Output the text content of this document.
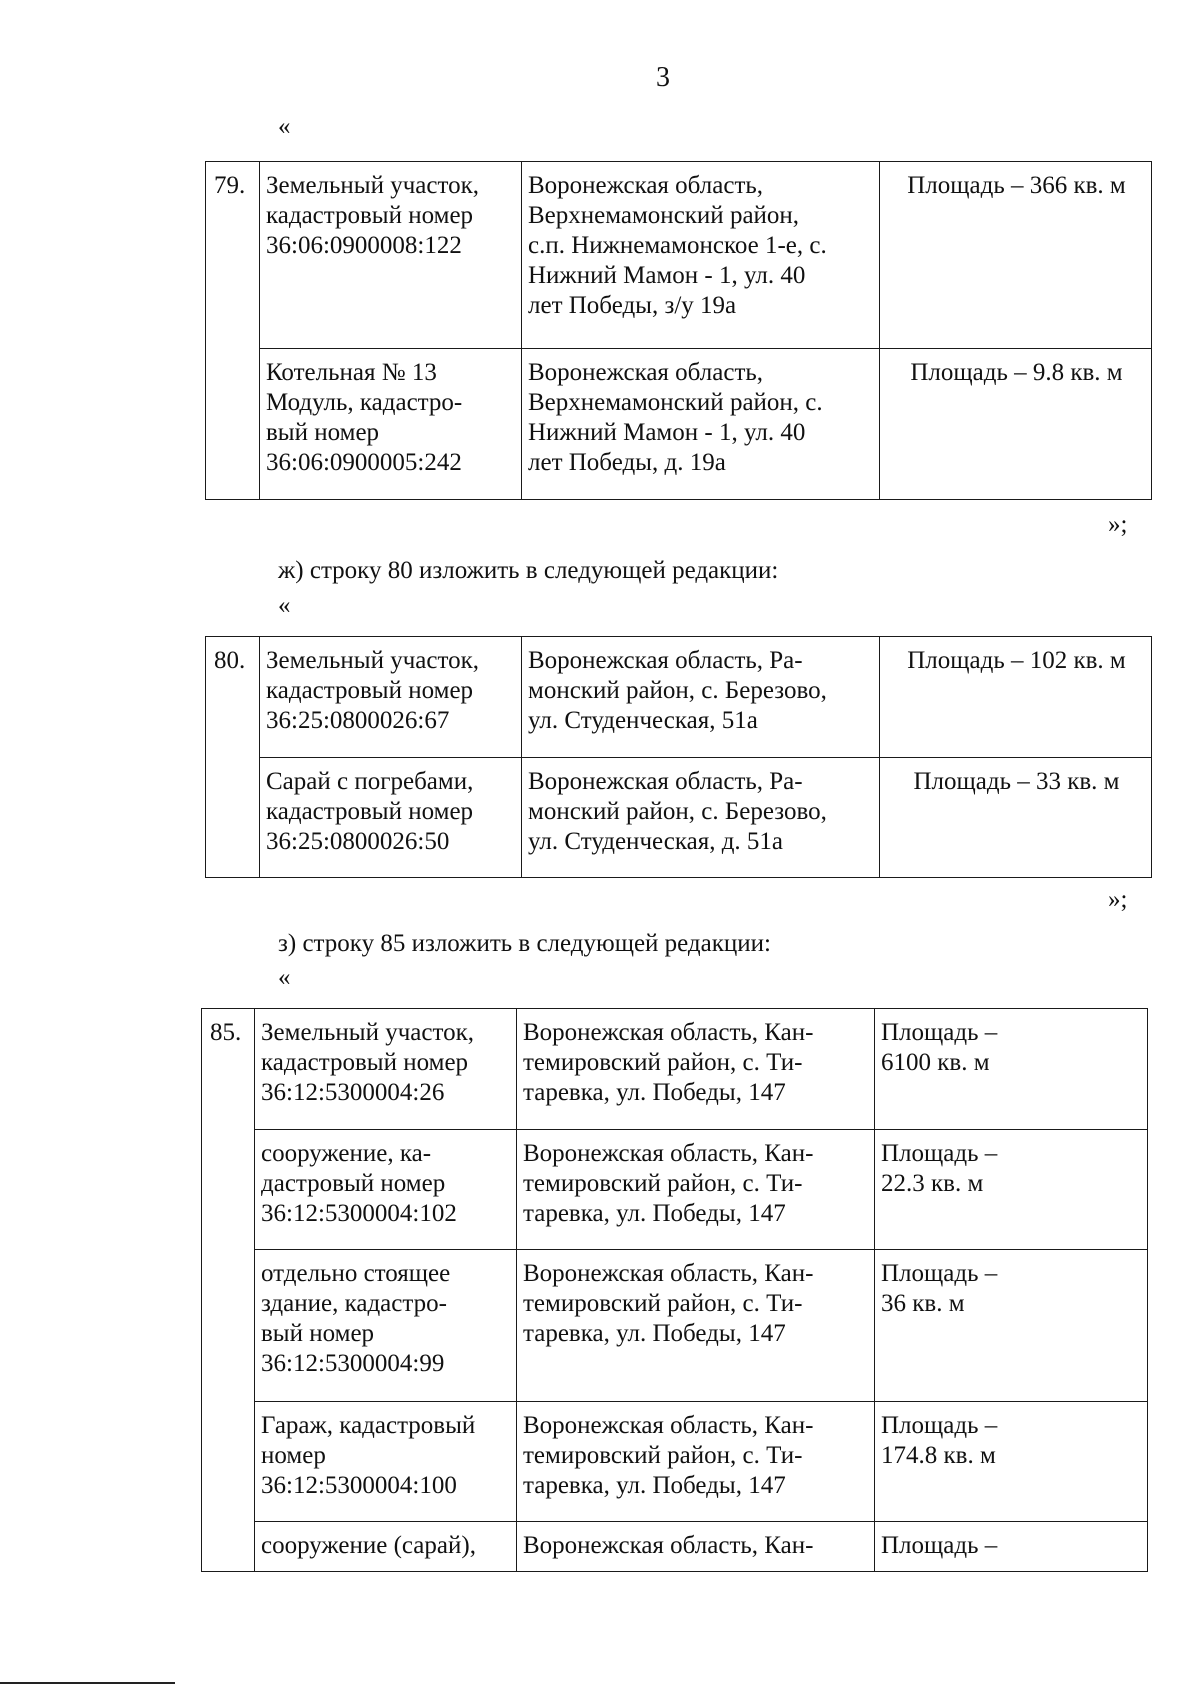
3
«
79.	Земельный участок,
кадастровый номер
36:06:0900008:122	Воронежская область,
Верхнемамонский район,
с.п. Нижнемамонское 1-е, с.
Нижний Мамон - 1, ул. 40
лет Победы, з/у 19а	Площадь – 366 кв. м
	Котельная № 13
Модуль, кадастро-
вый номер
36:06:0900005:242	Воронежская область,
Верхнемамонский район, с.
Нижний Мамон - 1, ул. 40
лет Победы, д. 19а	Площадь – 9.8 кв. м
»;
ж) строку 80 изложить в следующей редакции:
«
80.	Земельный участок,
кадастровый номер
36:25:0800026:67	Воронежская область, Ра-
монский район, с. Березово,
ул. Студенческая, 51а	Площадь – 102 кв. м
	Сарай с погребами,
кадастровый номер
36:25:0800026:50	Воронежская область, Ра-
монский район, с. Березово,
ул. Студенческая, д. 51а	Площадь – 33 кв. м
»;
з) строку 85 изложить в следующей редакции:
«
85.	Земельный участок,
кадастровый номер
36:12:5300004:26	Воронежская область, Кан-
темировский район, с. Ти-
таревка, ул. Победы, 147	Площадь –
6100 кв. м
	сооружение, ка-
дастровый номер
36:12:5300004:102	Воронежская область, Кан-
темировский район, с. Ти-
таревка, ул. Победы, 147	Площадь –
22.3 кв. м
	отдельно стоящее
здание, кадастро-
вый номер
36:12:5300004:99	Воронежская область, Кан-
темировский район, с. Ти-
таревка, ул. Победы, 147	Площадь –
36 кв. м
	Гараж, кадастровый
номер
36:12:5300004:100	Воронежская область, Кан-
темировский район, с. Ти-
таревка, ул. Победы, 147	Площадь –
174.8 кв. м
	сооружение (сарай),	Воронежская область, Кан-	Площадь –
